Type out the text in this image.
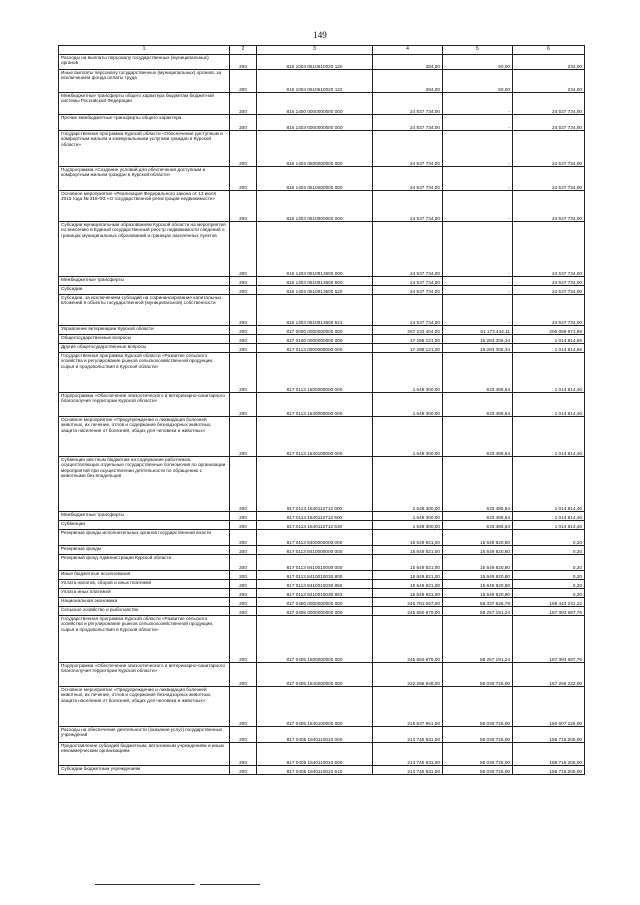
149
1	2	3	4	5	6
Расходы на выплаты персоналу государственных (муниципальных) органов	200	816 1004 0510610020 120	284,00	50,00	234,00
Иные выплаты персоналу государственных (муниципальных) органов, за исключением фонда оплаты труда	200	816 1004 0510610020 122	284,00	50,00	234,00
Межбюджетные трансферты общего характера бюджетам бюджетной системы Российской Федерации	200	816 1400 0000000000 000	24 537 734,00	-	24 537 734,00
Прочие межбюджетные трансферты общего характера	200	816 1403 0000000000 000	24 537 734,00	-	24 537 734,00
Государственная программа Курской области «Обеспечение доступным и комфортным жильем и коммунальными услугами граждан в Курской области»	200	816 1403 0500000000 000	24 537 734,00	-	24 537 734,00
Подпрограмма «Создание условий для обеспечения доступным и комфортным жильем граждан в Курской области»	200	816 1403 0510000000 000	24 537 734,00	-	24 537 734,00
Основное мероприятие «Реализация Федерального закона от 13 июля 2015 года № 218-ФЗ «О государственной регистрации недвижимости»	200	816 1403 0510900000 000	24 537 734,00	-	24 537 734,00
Субсидии муниципальным образованиям Курской области на мероприятия по внесению в Единый государственный реестр недвижимости сведений о границах муниципальных образований и границах населенных пунктов	200	816 1403 0510913600 000	24 537 734,00	-	24 537 734,00
Межбюджетные трансферты	200	816 1403 0510913600 500	24 537 734,00	-	24 537 734,00
Субсидии	200	816 1403 0510913600 520	24 537 734,00	-	24 537 734,00
Субсидии, за исключением субсидий на софинансирование капитальных вложений в объекты государственной (муниципальной) собственности	200	816 1403 0510913600 521	24 537 734,00	-	24 537 734,00
Управление ветеринарии Курской области	200	817 0000 0000000000 000	267 233 404,00	61 173 432,11	206 059 971,89
Общегосударственные вопросы	200	817 0100 0000000000 000	17 298 121,00	16 283 306,34	1 014 814,66
Другие общегосударственные вопросы	200	817 0113 0000000000 000	17 298 121,00	16 283 306,34	1 014 814,66
Государственная программа Курской области «Развитие сельского хозяйства и регулирование рынков сельскохозяйственной продукции, сырья и продовольствия в Курской области»	200	817 0113 1600000000 000	1 648 300,00	633 485,54	1 014 814,46
Подпрограмма «Обеспечение эпизоотического и ветеринарно-санитарного благополучия территории Курской области»	200	817 0113 1640000000 000	1 648 300,00	633 485,54	1 014 814,46
Основное мероприятие «Предупреждение и ликвидация болезней животных, их лечение, отлов и содержание безнадзорных животных, защита населения от болезней, общих для человека и животных»	200	817 0113 1640100000 000	1 648 300,00	633 485,54	1 014 814,46
Субвенции местным бюджетам на содержание работников, осуществляющих отдельные государственные полномочия по организации мероприятий при осуществлении деятельности по обращению с животными без владельцев	200	817 0113 1640112712 000	1 648 300,00	633 485,54	1 014 814,46
Межбюджетные трансферты	200	817 0113 1640112712 500	1 648 300,00	633 485,54	1 014 814,46
Субвенции	200	817 0113 1640112712 530	1 648 300,00	633 485,54	1 014 814,46
Резервные фонды исполнительных органов государственной власти	200	817 0113 8400000000 000	15 649 821,00	15 649 820,80	0,20
Резервные фонды	200	817 0113 8410000000 000	15 649 821,00	15 649 820,80	0,20
Резервный фонд Администрации Курской области	200	817 0113 8410010000 000	15 649 821,00	15 649 820,80	0,20
Иные бюджетные ассигнования	200	817 0113 8410010030 800	15 649 821,00	15 649 820,80	0,20
Уплата налогов, сборов и иных платежей	200	817 0113 8410010030 850	15 649 821,00	15 649 820,80	0,20
Уплата иных платежей	200	817 0113 8410010030 853	15 649 821,00	15 649 820,80	0,20
Национальная экономика	200	817 0400 0000000000 000	246 781 057,00	58 337 825,78	188 443 231,22
Сельское хозяйство и рыболовство	200	817 0405 0000000000 000	245 650 879,00	58 257 191,24	187 393 687,76
Государственная программа Курской области «Развитие сельского хозяйства и регулирование рынков сельскохозяйственной продукции, сырья и продовольствия в Курской области»	200	817 0405 1600000000 000	245 650 879,00	58 257 191,24	187 393 687,76
Подпрограмма «Обеспечение эпизоотического и ветеринарно-санитарного благополучия территории Курской области»	200	817 0405 1640000000 000	222 296 948,00	55 030 726,00	167 266 222,00
Основное мероприятие «Предупреждение и ликвидация болезней животных, их лечение, отлов и содержание безнадзорных животных, защита населения от болезней, общих для человека и животных»	200	817 0405 1640100000 000	215 637 951,00	55 030 726,00	160 607 225,00
Расходы на обеспечение деятельности (оказание услуг) государственных учреждений	200	817 0405 1640110010 000	213 745 931,00	55 030 726,00	158 715 205,00
Предоставление субсидий бюджетным, автономным учреждениям и иным некоммерческим организациям	200	817 0405 1640110010 600	213 745 931,00	55 030 726,00	158 715 205,00
Субсидии бюджетным учреждениям	200	817 0405 1640110010 610	213 745 931,00	55 030 726,00	158 715 205,00
